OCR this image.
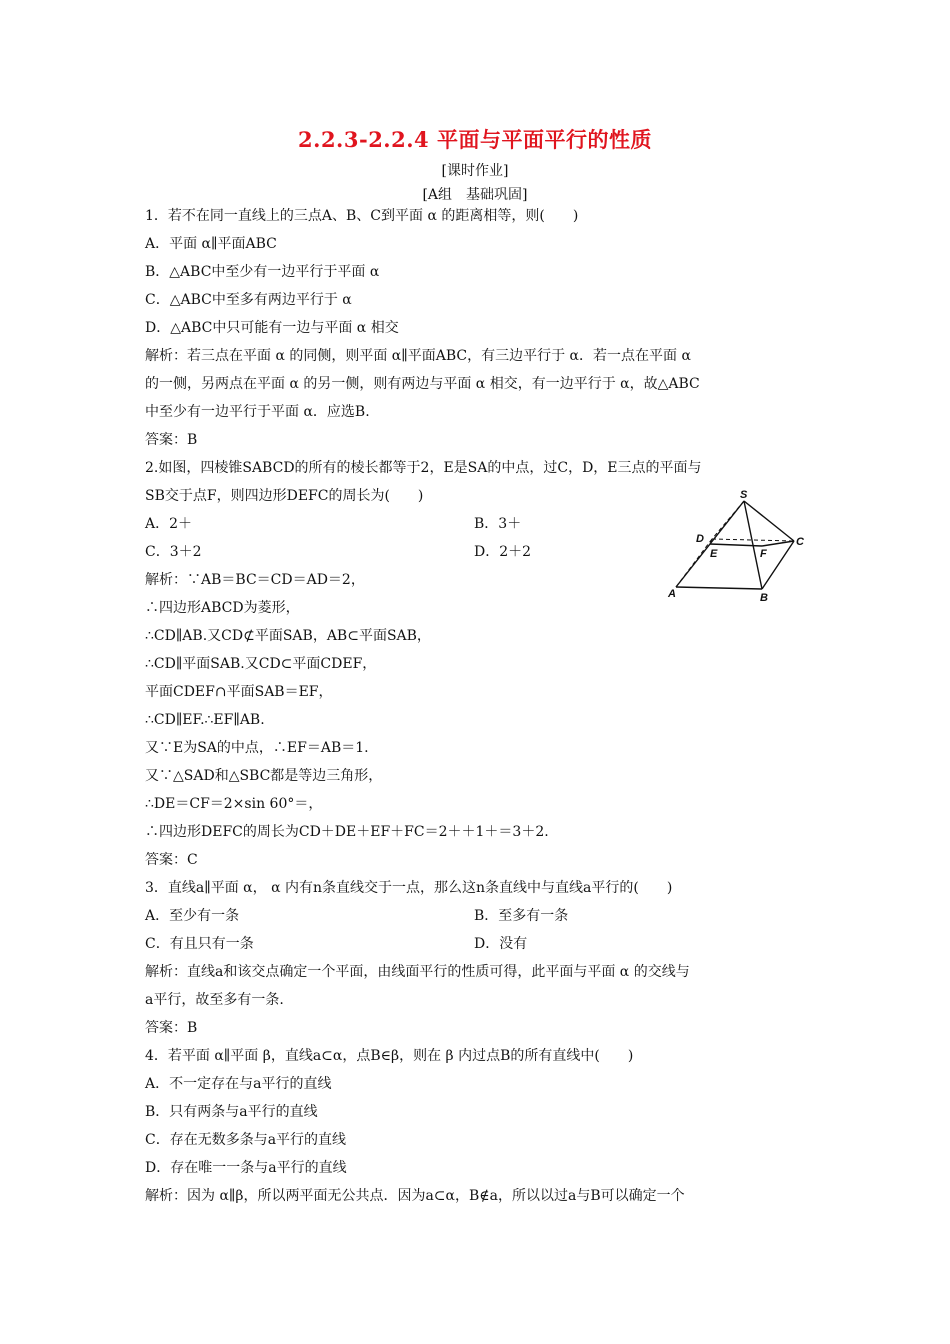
2.2.3-2.2.4 平面与平面平行的性质
[课时作业]
[A组　基础巩固]
1．若不在同一直线上的三点A、B、C到平面 α 的距离相等，则(　　)
A．平面 α∥平面ABC
B．△ABC中至少有一边平行于平面 α
C．△ABC中至多有两边平行于 α
D．△ABC中只可能有一边与平面 α 相交
解析：若三点在平面 α 的同侧，则平面 α∥平面ABC，有三边平行于 α．若一点在平面 α
的一侧，另两点在平面 α 的另一侧，则有两边与平面 α 相交，有一边平行于 α，故△ABC
中至少有一边平行于平面 α．应选B.
答案：B
2.如图，四棱锥SABCD的所有的棱长都等于2，E是SA的中点，过C，D，E三点的平面与
SB交于点F，则四边形DEFC的周长为(　　)
A．2＋	B．3＋
C．3＋2	D．2＋2
解析：∵AB＝BC＝CD＝AD＝2，
∴四边形ABCD为菱形，
∴CD∥AB.又CD⊄平面SAB，AB⊂平面SAB，
∴CD∥平面SAB.又CD⊂平面CDEF，
平面CDEF∩平面SAB＝EF，
∴CD∥EF.∴EF∥AB.
又∵E为SA的中点，∴EF＝AB＝1.
又∵△SAD和△SBC都是等边三角形，
∴DE＝CF＝2×sin 60°＝，
∴四边形DEFC的周长为CD＋DE＋EF＋FC＝2＋＋1＋＝3＋2.
答案：C
3．直线a∥平面 α， α 内有n条直线交于一点，那么这n条直线中与直线a平行的(　　)
A．至少有一条	B．至多有一条
C．有且只有一条	D．没有
解析：直线a和该交点确定一个平面，由线面平行的性质可得，此平面与平面 α 的交线与
a平行，故至多有一条.
答案：B
4．若平面 α∥平面 β，直线a⊂α，点B∈β，则在 β 内过点B的所有直线中(　　)
A．不一定存在与a平行的直线
B．只有两条与a平行的直线
C．存在无数多条与a平行的直线
D．存在唯一一条与a平行的直线
解析：因为 α∥β，所以两平面无公共点．因为a⊂α，B∉a，所以以过a与B可以确定一个
S
D
E	F
C
A	B
